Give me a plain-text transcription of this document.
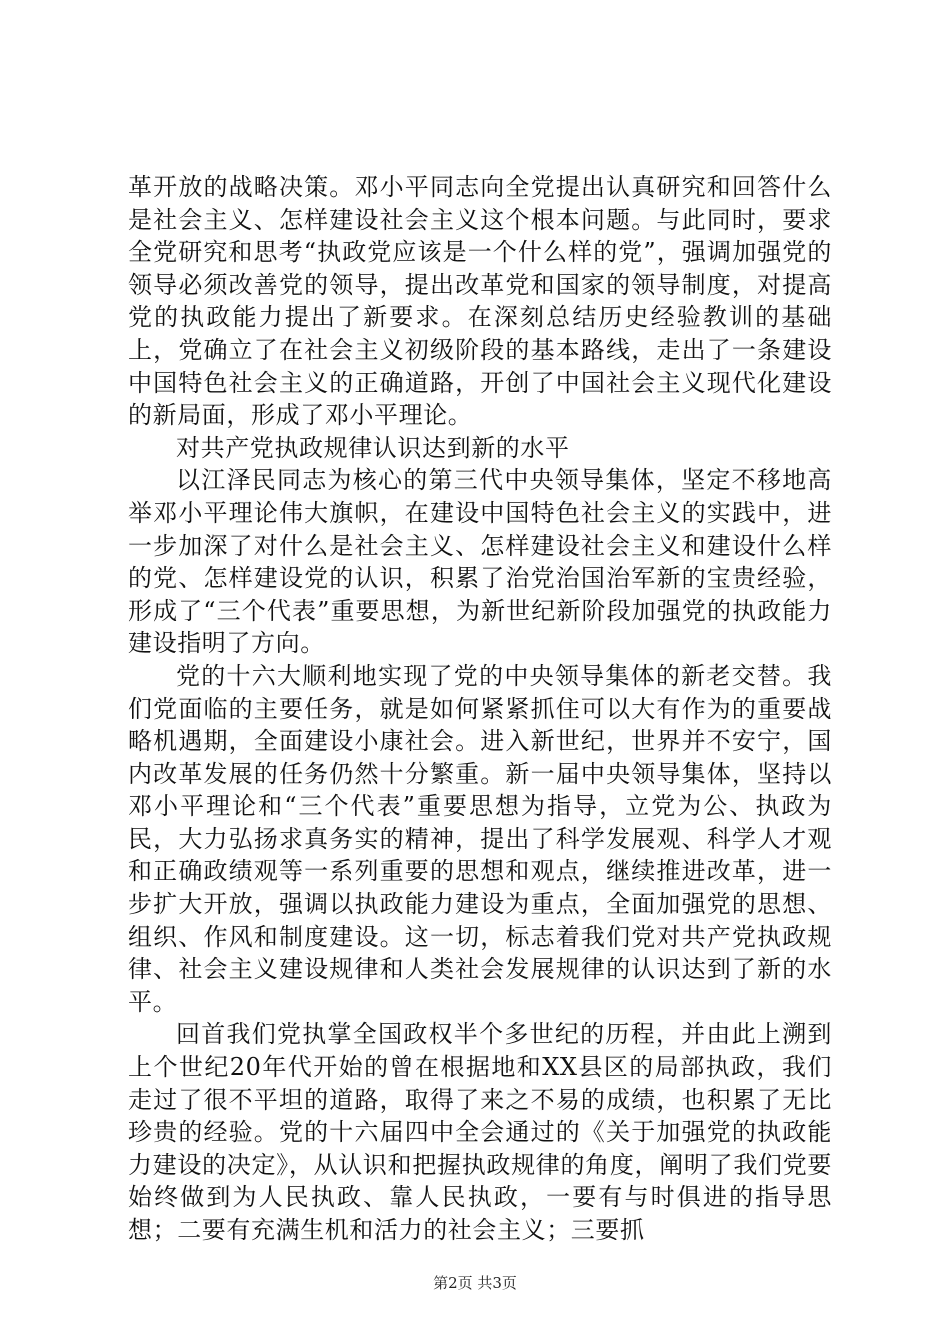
革开放的战略决策。邓小平同志向全党提出认真研究和回答什么是社会主义、怎样建设社会主义这个根本问题。与此同时，要求全党研究和思考“执政党应该是一个什么样的党”，强调加强党的领导必须改善党的领导，提出改革党和国家的领导制度，对提高党的执政能力提出了新要求。在深刻总结历史经验教训的基础上，党确立了在社会主义初级阶段的基本路线，走出了一条建设中国特色社会主义的正确道路，开创了中国社会主义现代化建设的新局面，形成了邓小平理论。

对共产党执政规律认识达到新的水平

以江泽民同志为核心的第三代中央领导集体，坚定不移地高举邓小平理论伟大旗帜，在建设中国特色社会主义的实践中，进一步加深了对什么是社会主义、怎样建设社会主义和建设什么样的党、怎样建设党的认识，积累了治党治国治军新的宝贵经验，形成了“三个代表”重要思想，为新世纪新阶段加强党的执政能力建设指明了方向。

党的十六大顺利地实现了党的中央领导集体的新老交替。我们党面临的主要任务，就是如何紧紧抓住可以大有作为的重要战略机遇期，全面建设小康社会。进入新世纪，世界并不安宁，国内改革发展的任务仍然十分繁重。新一届中央领导集体，坚持以邓小平理论和“三个代表”重要思想为指导，立党为公、执政为民，大力弘扬求真务实的精神，提出了科学发展观、科学人才观和正确政绩观等一系列重要的思想和观点，继续推进改革，进一步扩大开放，强调以执政能力建设为重点，全面加强党的思想、组织、作风和制度建设。这一切，标志着我们党对共产党执政规律、社会主义建设规律和人类社会发展规律的认识达到了新的水平。

回首我们党执掌全国政权半个多世纪的历程，并由此上溯到上个世纪20年代开始的曾在根据地和XX县区的局部执政，我们走过了很不平坦的道路，取得了来之不易的成绩，也积累了无比珍贵的经验。党的十六届四中全会通过的《关于加强党的执政能力建设的决定》，从认识和把握执政规律的角度，阐明了我们党要始终做到为人民执政、靠人民执政，一要有与时俱进的指导思想；二要有充满生机和活力的社会主义；三要抓

第2页 共3页
